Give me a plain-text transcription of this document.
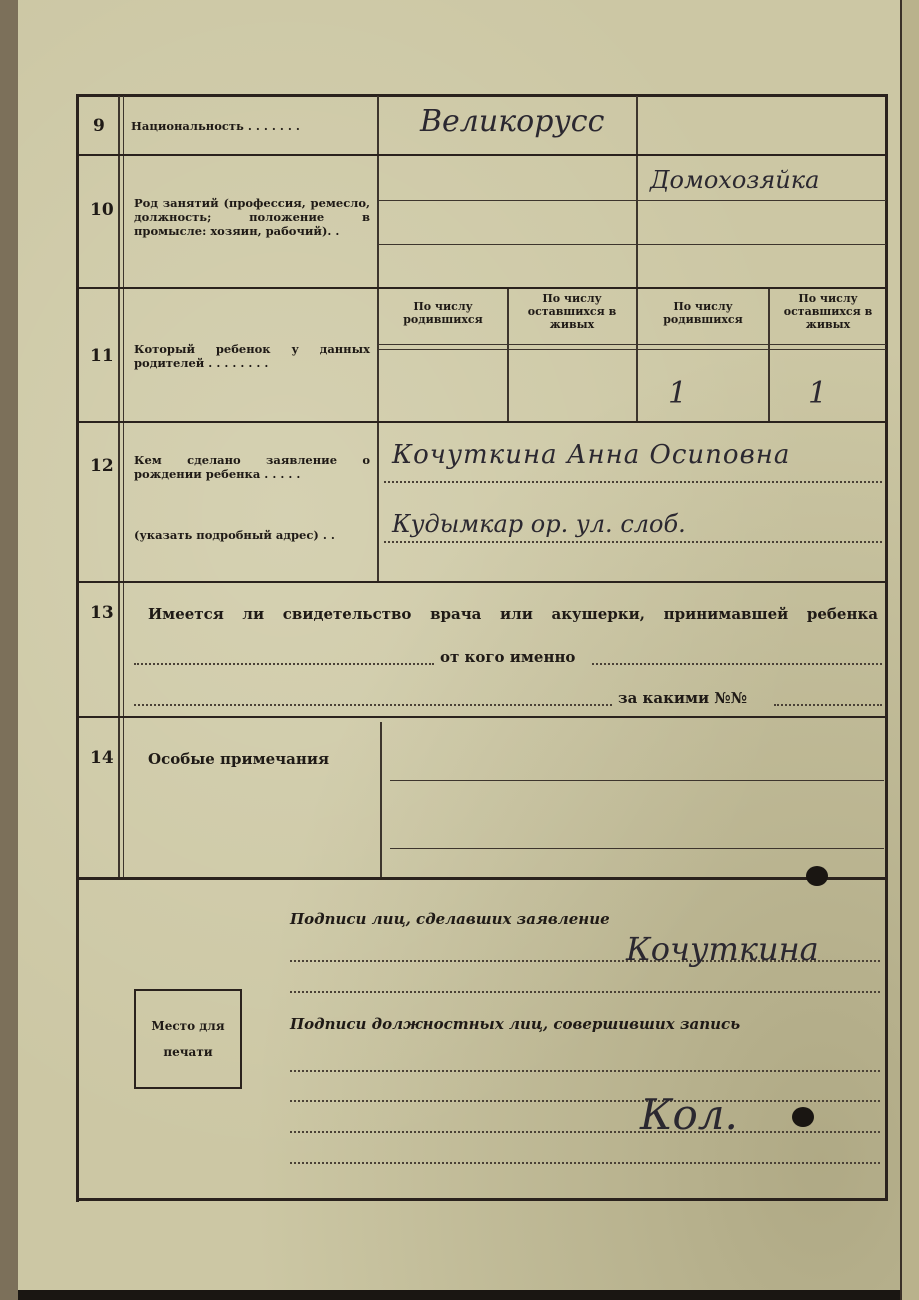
9 Национальность . . . . . . .	Великорусс
10 Род занятий (профессия, ремесло, должность; положение в промысле: хозяин, рабочий). .
Домохозяйка
11 Который ребенок у данных родителей . . . . . . . .
По числу родившихся
По числу оставшихся в живых
По числу родившихся
По числу оставшихся в живых
1	1
12 Кем сделано заявление о рождении ребенка . . . . .
(указать подробный адрес) . .
Кочуткина Анна Осиповна
Кудымкар ор. ул. слоб.
13 Имеется ли свидетельство врача или акушерки, принимавшей ребенка
от кого именно
за какими №№
14 Особые примечания
Подписи лиц, сделавших заявление
Кочуткина
Подписи должностных лиц, совершивших запись
Кол.
Место для
печати
